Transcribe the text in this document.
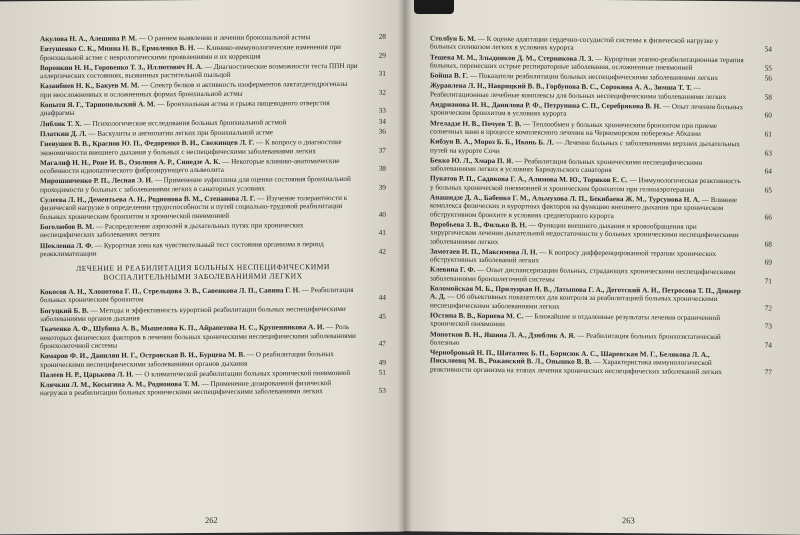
Акулова Н. А., Алешина Р. М. — О раннем выявлении и лечении бронхиальной астмы	28
Евтушенко С. К., Мнина Н. В., Ермоленко В. Н. — Клинико-иммунологические изменения при бронхиальной астме с неврологическими проявлениями и их коррекция	29
Воронкин Н. Н., Горовенко Т. З., Иллютович Н. А. — Диагностические возможности теста ППН при аллергических состояниях, вызванных растительной пыльцой	31
Казанбиев Н. К., Бакуев М. М. — Спектр белков и активность изоферментов лактатдегидрогеназы при неосложненных и осложненных формах бронхиальной астмы	32
Копытя Я. Г., Тарнопольский А. М. — Бронхиальная астма и грыжа пищеводного отверстия диафрагмы	33
Либлик Т. Х. — Психологические исследования больных бронхиальной астмой	34
Платкин Д. Л. — Васкулиты и ангиопатии легких при бронхиальной астме	36
Гневушев В. В., Краснов Ю. П., Федоренко В. И., Свежинцев Л. Г. — К вопросу о диагностике экономичности внешнего дыхания у больных с неспецифическими заболеваниями легких	37
Магалиф Н. Н., Роне И. В., Озолиня А. Р., Синедзе А. К. — Некоторые клинико-анатомические особенности идиопатического фиброзирующего альвеолита	38
Мирошниченко Р. П., Лесная Э. И. — Применение эуфиллина для оценки состояния бронхиальной проходимости у больных с заболеваниями легких в санаторных условиях	39
Сулеева Л. Н., Дементьева А. Н., Родионова В. М., Степанова Л. Г. — Изучение толерантности к физической нагрузке в определении трудоспособности и путей социально-трудовой реабилитации больных хроническим бронхитом и хронической пневмонией	40
Боголюбов В. М. — Распределение аэрозолей в дыхательных путях при хронических неспецифических заболеваниях легких	41
Шеклеина Л. Ф. — Курортная зона как чувствительный тест состояния организма в период реакклиматизации	42
ЛЕЧЕНИЕ И РЕАБИЛИТАЦИЯ БОЛЬНЫХ НЕСПЕЦИФИЧЕСКИМИ ВОСПАЛИТЕЛЬНЫМИ ЗАБОЛЕВАНИЯМИ ЛЕГКИХ
Кокосов А. Н., Хлопотова Г. П., Стрельцова Э. В., Савенкова Л. П., Савина Г. Н. — Реабилитация больных хроническим бронхитом	44
Богуцкий Б. В. — Методы и эффективность курортной реабилитации больных неспецифическими заболеваниями органов дыхания	45
Ткаченко А. Ф., Шубина А. В., Мышелова К. П., Айрапетова Н. С., Крупенникова А. И. — Роль некоторых физических факторов в лечении больных хроническими неспецифическими заболеваниями бронхолегочной системы	47
Комаров Ф. И., Данилян И. Г., Островская В. И., Бурцева М. В. — О реабилитации больных хроническими неспецифическими заболеваниями органов дыхания	49
Палеев Н. Р., Царькова Л. Н. — О климатической реабилитации больных хронической пневмонией	51
Клячкин Л. М., Косыгина А. М., Родионова Т. М. — Применение дозированной физической нагрузки в реабилитации больных хроническими неспецифическими заболеваниями легких	53
262
Столбун Б. М. — К оценке адаптации сердечно-сосудистой системы к физической нагрузке у больных силикозом легких в условиях курорта	54
Тешева М. М., Злыдников Д. М., Стерникова Л. З. — Курортная этапно-реабилитационная терапия больных, перенесших острые респираторные заболевания, осложненные пневмонией	55
Бойша В. Г. — Показатели реабилитации больных неспецифическими заболеваниями легких	56
Журавлева Л. Н., Наврицкий В. В., Горбунова В. С., Сорокина А. А., Зимша Т. Т. — Реабилитационные лечебные комплексы для больных неспецифическими заболеваниями легких	58
Андрианова И. Н., Данилова Р. Ф., Петрунина С. П., Серебрякова В. Н. — Опыт лечения больных хроническим бронхитом в условиях курорта	60
Мгеладзе Н. В., Почуев Т. В. — Теплообмен у больных хроническим бронхитом при приеме солнечных ванн в процессе комплексного лечения на Черноморском побережье Абхазии	61
Кибзун В. А., Мороз Б. Б., Иконь Б. Л. — Лечение больных с заболеваниями верхних дыхательных путей на курорте Сочи	63
Бекко Ю. Л., Хмара П. Я. — Реабилитация больных хроническими неспецифическими заболеваниями легких в условиях Барнаульского санатория	64
Пуватов Р. П., Садикова Г. А., Алимова М. Ю., Ториков Е. С. — Иммунологическая реактивность у больных хронической пневмонией и хроническим бронхитом при гелиоаэротерапии	65
Апашидзе Д. А., Бабенко Г. М., Альмухова Л. П., Бекибаева Ж. М., Турсунова Н. А. — Влияние комплекса физических и курортных факторов на функцию внешнего дыхания при хроническом обструктивном бронхите в условиях среднегорного курорта	66
Воробьева З. В., Филько В. Н. — Функции внешнего дыхания и кровообращения при хирургическом лечении дыхательной недостаточности у больных хроническими неспецифическими заболеваниями легких	68
Замотаев И. П., Максимова Л. Н. — К вопросу дифференцированной терапии хронических обструктивных заболеваний легких	69
Клевина Г. Ф. — Опыт диспансеризации больных, страдающих хроническими неспецифическими заболеваниями бронхолегочной системы	71
Коломойская М. Б., Прилуцкая Н. В., Латыпова Г. А., Деготский А. И., Петросова Т. П., Довжер А. Д. — Об объективных показателях для контроля за реабилитацией больных хроническими неспецифическими заболеваниями легких	72
Юстина В. В., Корнева М. С. — Ближайшие и отдаленные результаты лечения ограниченной хронической пневмонии	73
Мопотков В. Н., Яшина Л. А., Дзюблик А. Я. — Реабилитация больных бронхоэктатической болезнью	74
Чернобровый Н. П., Шаталюк Б. П., Борисюк А. С., Шаревская М. Г., Белякова Л. А., Пискляевц М. В., Рожанский В. Л., Онышко В. В. — Характеристика иммунологической реактивности организма на этапах лечения хронических неспецифических заболеваний легких	77
263
